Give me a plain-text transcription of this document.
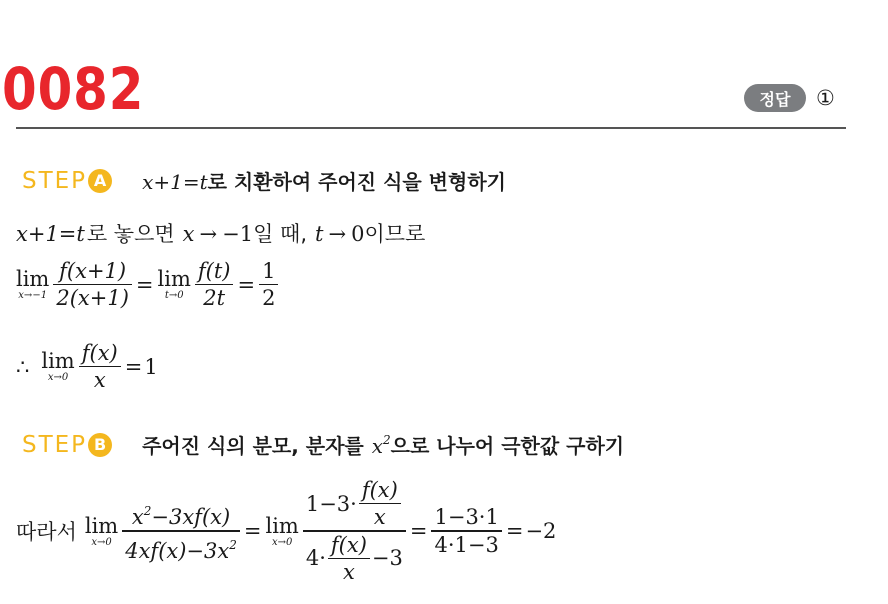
0082	정답	①
STEP A x+1=t 로 치환하여 주어진 식을 변형하기
x+1=t 로 놓으면 x → −1 일 때, t → 0 이므로
lim
$x\to-1 \frac{f(x+1)}{2(x+1)} = \lim$
$t\to 0 \frac{f(t)}{2t} = \frac{1}{2}$
∴ lim
$x\to 0 \frac{f(x)}{x} = 1$
STEP B 주어진 식의 분모, 분자를 $x^2$ 으로 나누어 극한값 구하기
따라서 lim
$x\to 0 \frac{x^2-3xf(x)}{4xf(x)-3x^2} = \lim$
$x\to 0 \frac{1-3\cdot \frac{f(x)}{x}}{4\cdot \frac{f(x)}{x} -3} = \frac{1-3\cdot 1}{4\cdot 1-3} = -2$
